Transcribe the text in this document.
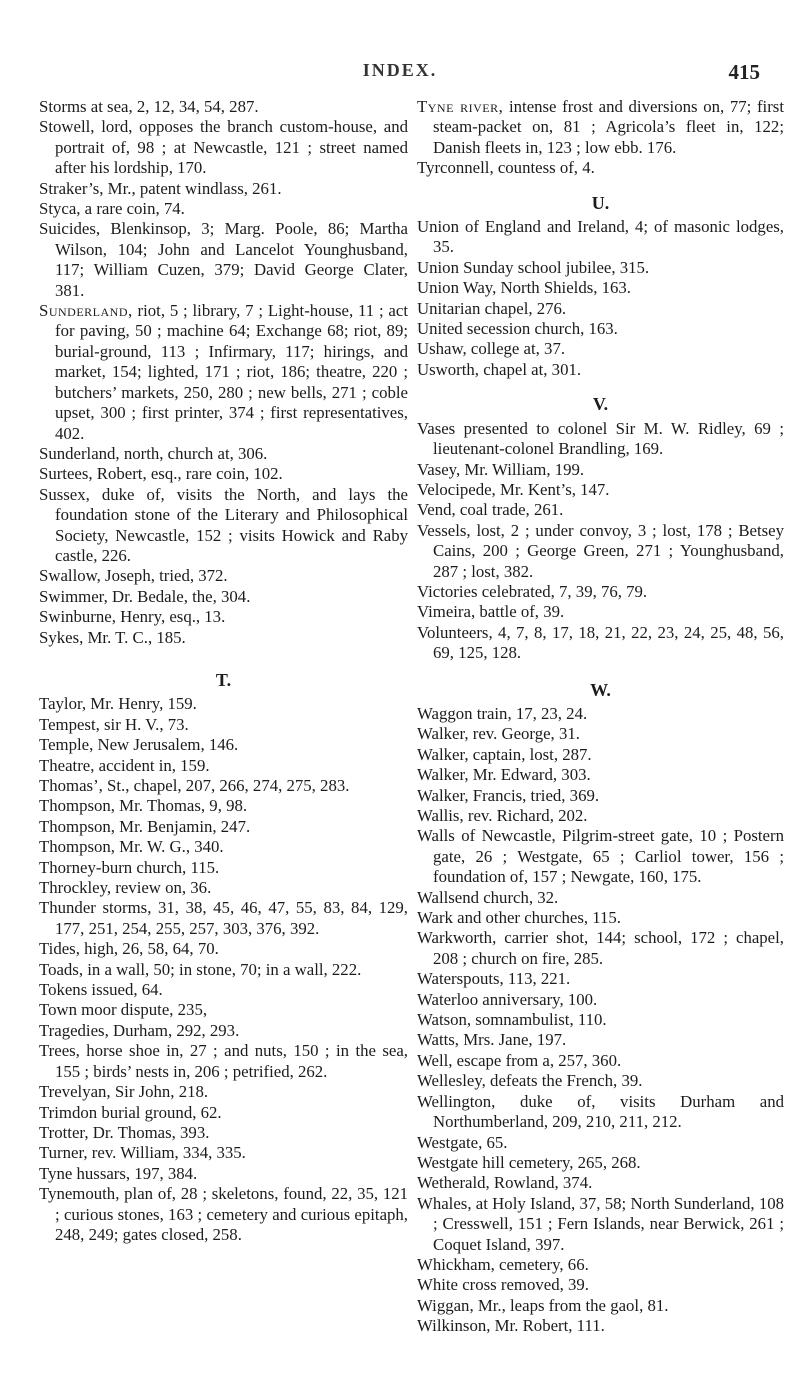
INDEX.	415
Storms at sea, 2, 12, 34, 54, 287.
Stowell, lord, opposes the branch custom-house, and portrait of, 98 ; at Newcastle, 121 ; street named after his lordship, 170.
Straker’s, Mr., patent windlass, 261.
Styca, a rare coin, 74.
Suicides, Blenkinsop, 3; Marg. Poole, 86; Martha Wilson, 104; John and Lancelot Younghusband, 117; William Cuzen, 379; David George Clater, 381.
Sunderland, riot, 5 ; library, 7 ; Light-house, 11 ; act for paving, 50 ; machine 64; Exchange 68; riot, 89; burial-ground, 113 ; Infirmary, 117; hirings, and market, 154; lighted, 171 ; riot, 186; theatre, 220 ; butchers’ markets, 250, 280 ; new bells, 271 ; coble upset, 300 ; first printer, 374 ; first representatives, 402.
Sunderland, north, church at, 306.
Surtees, Robert, esq., rare coin, 102.
Sussex, duke of, visits the North, and lays the foundation stone of the Literary and Philosophical Society, Newcastle, 152 ; visits Howick and Raby castle, 226.
Swallow, Joseph, tried, 372.
Swimmer, Dr. Bedale, the, 304.
Swinburne, Henry, esq., 13.
Sykes, Mr. T. C., 185.
T.
Taylor, Mr. Henry, 159.
Tempest, sir H. V., 73.
Temple, New Jerusalem, 146.
Theatre, accident in, 159.
Thomas’, St., chapel, 207, 266, 274, 275, 283.
Thompson, Mr. Thomas, 9, 98.
Thompson, Mr. Benjamin, 247.
Thompson, Mr. W. G., 340.
Thorney-burn church, 115.
Throckley, review on, 36.
Thunder storms, 31, 38, 45, 46, 47, 55, 83, 84, 129, 177, 251, 254, 255, 257, 303, 376, 392.
Tides, high, 26, 58, 64, 70.
Toads, in a wall, 50; in stone, 70; in a wall, 222.
Tokens issued, 64.
Town moor dispute, 235,
Tragedies, Durham, 292, 293.
Trees, horse shoe in, 27 ; and nuts, 150 ; in the sea, 155 ; birds’ nests in, 206 ; petrified, 262.
Trevelyan, Sir John, 218.
Trimdon burial ground, 62.
Trotter, Dr. Thomas, 393.
Turner, rev. William, 334, 335.
Tyne hussars, 197, 384.
Tynemouth, plan of, 28 ; skeletons, found, 22, 35, 121 ; curious stones, 163 ; cemetery and curious epitaph, 248, 249; gates closed, 258.
Tyne river, intense frost and diversions on, 77; first steam-packet on, 81 ; Agricola’s fleet in, 122; Danish fleets in, 123 ; low ebb. 176.
Tyrconnell, countess of, 4.
U.
Union of England and Ireland, 4; of masonic lodges, 35.
Union Sunday school jubilee, 315.
Union Way, North Shields, 163.
Unitarian chapel, 276.
United secession church, 163.
Ushaw, college at, 37.
Usworth, chapel at, 301.
V.
Vases presented to colonel Sir M. W. Ridley, 69 ; lieutenant-colonel Brandling, 169.
Vasey, Mr. William, 199.
Velocipede, Mr. Kent’s, 147.
Vend, coal trade, 261.
Vessels, lost, 2 ; under convoy, 3 ; lost, 178 ; Betsey Cains, 200 ; George Green, 271 ; Younghusband, 287 ; lost, 382.
Victories celebrated, 7, 39, 76, 79.
Vimeira, battle of, 39.
Volunteers, 4, 7, 8, 17, 18, 21, 22, 23, 24, 25, 48, 56, 69, 125, 128.
W.
Waggon train, 17, 23, 24.
Walker, rev. George, 31.
Walker, captain, lost, 287.
Walker, Mr. Edward, 303.
Walker, Francis, tried, 369.
Wallis, rev. Richard, 202.
Walls of Newcastle, Pilgrim-street gate, 10 ; Postern gate, 26 ; Westgate, 65 ; Carliol tower, 156 ; foundation of, 157 ; Newgate, 160, 175.
Wallsend church, 32.
Wark and other churches, 115.
Warkworth, carrier shot, 144; school, 172 ; chapel, 208 ; church on fire, 285.
Waterspouts, 113, 221.
Waterloo anniversary, 100.
Watson, somnambulist, 110.
Watts, Mrs. Jane, 197.
Well, escape from a, 257, 360.
Wellesley, defeats the French, 39.
Wellington, duke of, visits Durham and Northumberland, 209, 210, 211, 212.
Westgate, 65.
Westgate hill cemetery, 265, 268.
Wetherald, Rowland, 374.
Whales, at Holy Island, 37, 58; North Sunderland, 108 ; Cresswell, 151 ; Fern Islands, near Berwick, 261 ; Coquet Island, 397.
Whickham, cemetery, 66.
White cross removed, 39.
Wiggan, Mr., leaps from the gaol, 81.
Wilkinson, Mr. Robert, 111.
